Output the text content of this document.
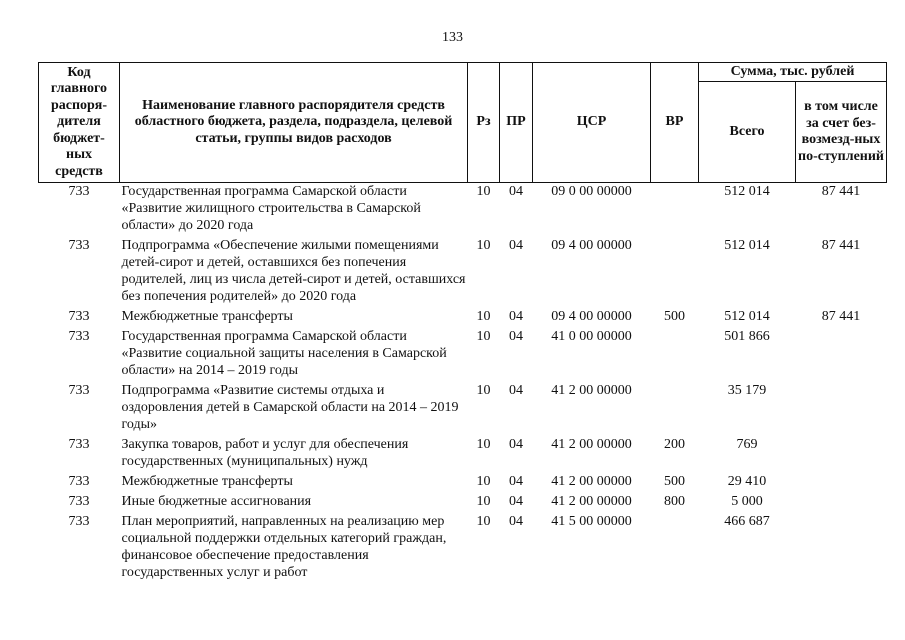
133
Код главного распоря-дителя бюджет-ных средств	Наименование главного распорядителя средств областного бюджета, раздела, подраздела, целевой статьи, группы видов расходов	Рз	ПР	ЦСР	ВР	Сумма, тыс. рублей	
						Всего	в том числе за счет без-возмезд-ных по-ступлений
733	Государственная программа Самарской области «Развитие жилищного строительства в Самарской области» до 2020 года	10	04	09 0 00 00000		512 014	87 441
733	Подпрограмма «Обеспечение жилыми помещениями детей-сирот и детей, оставшихся без попечения родителей, лиц из числа детей-сирот и детей, оставшихся без попечения родителей» до 2020 года	10	04	09 4 00 00000		512 014	87 441
733	Межбюджетные трансферты	10	04	09 4 00 00000	500	512 014	87 441
733	Государственная программа Самарской области «Развитие социальной защиты населения в Самарской области» на 2014 – 2019 годы	10	04	41 0 00 00000		501 866	
733	Подпрограмма «Развитие системы отдыха и оздоровления детей в Самарской области на 2014 – 2019 годы»	10	04	41 2 00 00000		35 179	
733	Закупка товаров, работ и услуг для обеспечения государственных (муниципальных) нужд	10	04	41 2 00 00000	200	769	
733	Межбюджетные трансферты	10	04	41 2 00 00000	500	29 410	
733	Иные бюджетные ассигнования	10	04	41 2 00 00000	800	5 000	
733	План мероприятий, направленных на реализацию мер социальной поддержки отдельных категорий граждан, финансовое обеспечение предоставления государственных услуг и работ	10	04	41 5 00 00000		466 687	
